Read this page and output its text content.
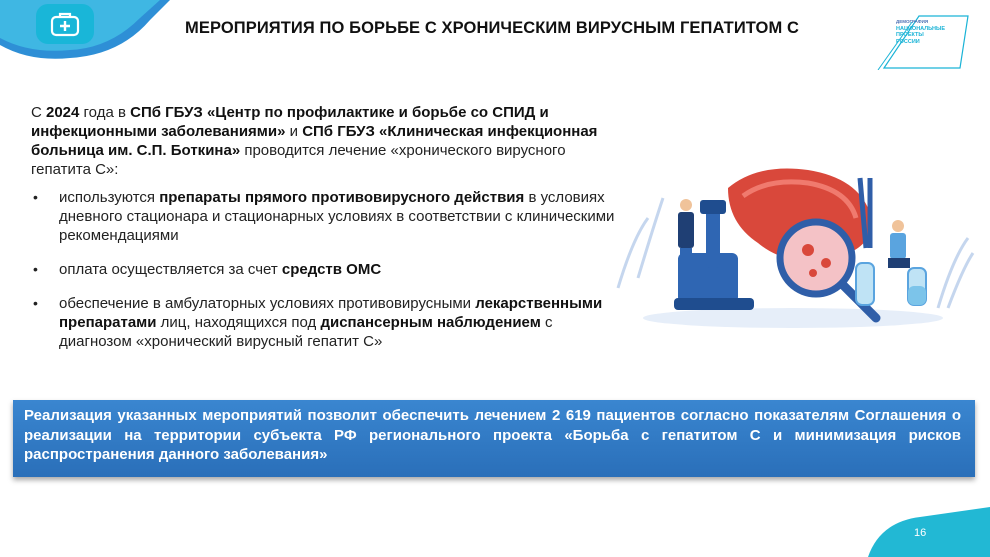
МЕРОПРИЯТИЯ ПО БОРЬБЕ С ХРОНИЧЕСКИМ ВИРУСНЫМ ГЕПАТИТОМ С	ДЕМОГРАФИЯ
НАЦИОНАЛЬНЫЕ
ПРОЕКТЫ
РОССИИ

С 2024 года в СПб ГБУЗ «Центр по профилактике и борьбе со СПИД и инфекционными заболеваниями» и СПб ГБУЗ «Клиническая инфекционная больница им. С.П. Боткина» проводится лечение «хронического вирусного гепатита С»:

• используются препараты прямого противовирусного действия в условиях дневного стационара и стационарных условиях в соответствии с клиническими рекомендациями
• оплата осуществляется за счет средств ОМС
• обеспечение в амбулаторных условиях противовирусными лекарственными препаратами лиц, находящихся под диспансерным наблюдением с диагнозом «хронический вирусный гепатит С»
Реализация указанных мероприятий позволит обеспечить лечением 2 619 пациентов согласно показателям Соглашения о реализации на территории субъекта РФ регионального проекта «Борьба с гепатитом С и минимизация рисков распространения данного заболевания»
16
